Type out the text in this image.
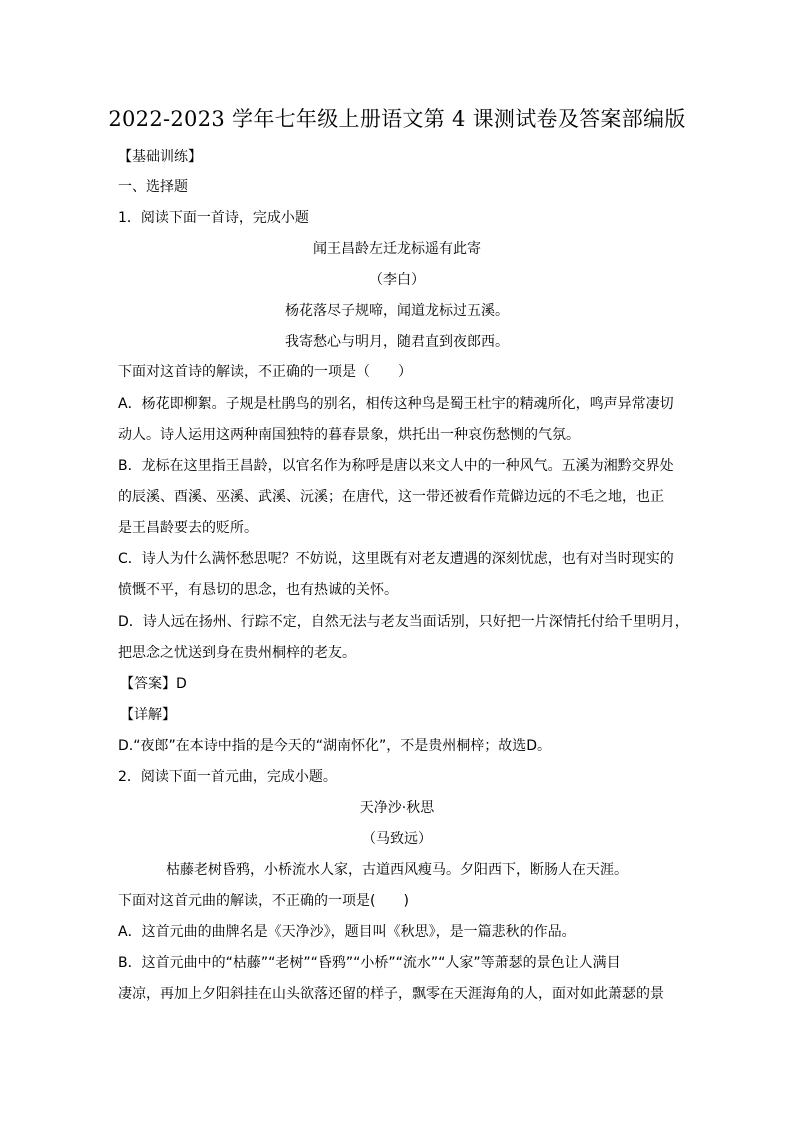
2022-2023 学年七年级上册语文第 4 课测试卷及答案部编版
【基础训练】
一、选择题
1．阅读下面一首诗，完成小题
闻王昌龄左迁龙标遥有此寄
（李白）
杨花落尽子规啼，闻道龙标过五溪。
我寄愁心与明月，随君直到夜郎西。
下面对这首诗的解读，不正确的一项是（　　）
A．杨花即柳絮。子规是杜鹃鸟的别名，相传这种鸟是蜀王杜宇的精魂所化，鸣声异常凄切
动人。诗人运用这两种南国独特的暮春景象，烘托出一种哀伤愁恻的气氛。
B．龙标在这里指王昌龄，以官名作为称呼是唐以来文人中的一种风气。五溪为湘黔交界处
的辰溪、酉溪、巫溪、武溪、沅溪；在唐代，这一带还被看作荒僻边远的不毛之地，也正
是王昌龄要去的贬所。
C．诗人为什么满怀愁思呢？不妨说，这里既有对老友遭遇的深刻忧虑，也有对当时现实的
愤慨不平，有恳切的思念，也有热诚的关怀。
D．诗人远在扬州、行踪不定，自然无法与老友当面话别，只好把一片深情托付给千里明月，
把思念之忧送到身在贵州桐梓的老友。
【答案】D
【详解】
D.“夜郎”在本诗中指的是今天的“湖南怀化”，不是贵州桐梓；故选D。
2．阅读下面一首元曲，完成小题。
天净沙·秋思
（马致远）
枯藤老树昏鸦，小桥流水人家，古道西风瘦马。夕阳西下，断肠人在天涯。
下面对这首元曲的解读，不正确的一项是(　　)
A．这首元曲的曲牌名是《天净沙》，题目叫《秋思》，是一篇悲秋的作品。
B．这首元曲中的“枯藤”“老树”“昏鸦”“小桥”“流水”“人家”等萧瑟的景色让人满目
凄凉，再加上夕阳斜挂在山头欲落还留的样子，飘零在天涯海角的人，面对如此萧瑟的景
